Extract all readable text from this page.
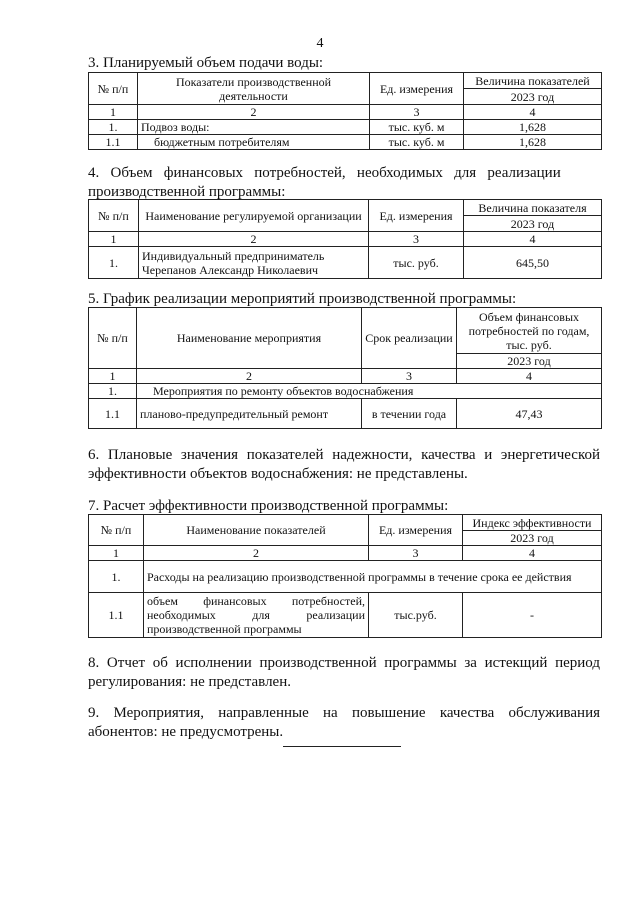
4
3. Планируемый объем подачи воды:
№ п/п	Показатели производственной деятельности	Ед. измерения	Величина показателей
			2023 год
1	2	3	4
1.	Подвоз воды:	тыс. куб. м	1,628
1.1	бюджетным потребителям	тыс. куб. м	1,628
4.   Объем   финансовых   потребностей,   необходимых   для   реализации
производственной программы:
№ п/п	Наименование регулируемой организации	Ед. измерения	Величина показателя
			2023 год
1	2	3	4
1.	Индивидуальный предприниматель Черепанов Александр Николаевич	тыс. руб.	645,50
5. График реализации мероприятий производственной программы:
№ п/п	Наименование мероприятия	Срок реализации	Объем финансовых потребностей по годам, тыс. руб.
			2023 год
1	2	3	4
1.	Мероприятия по ремонту объектов водоснабжения		
1.1	планово-предупредительный ремонт	в течении года	47,43
6. Плановые значения показателей надежности, качества и энергетической эффективности объектов водоснабжения: не представлены.
7. Расчет эффективности производственной программы:
№ п/п	Наименование показателей	Ед. измерения	Индекс эффективности
			2023 год
1	2	3	4
1.	Расходы на реализацию производственной программы в течение срока ее действия		
1.1	объем финансовых потребностей, необходимых для реализации производственной программы	тыс.руб.	-
8. Отчет об исполнении производственной программы за истекщий период регулирования: не представлен.
9. Мероприятия, направленные на повышение качества обслуживания абонентов: не предусмотрены.
